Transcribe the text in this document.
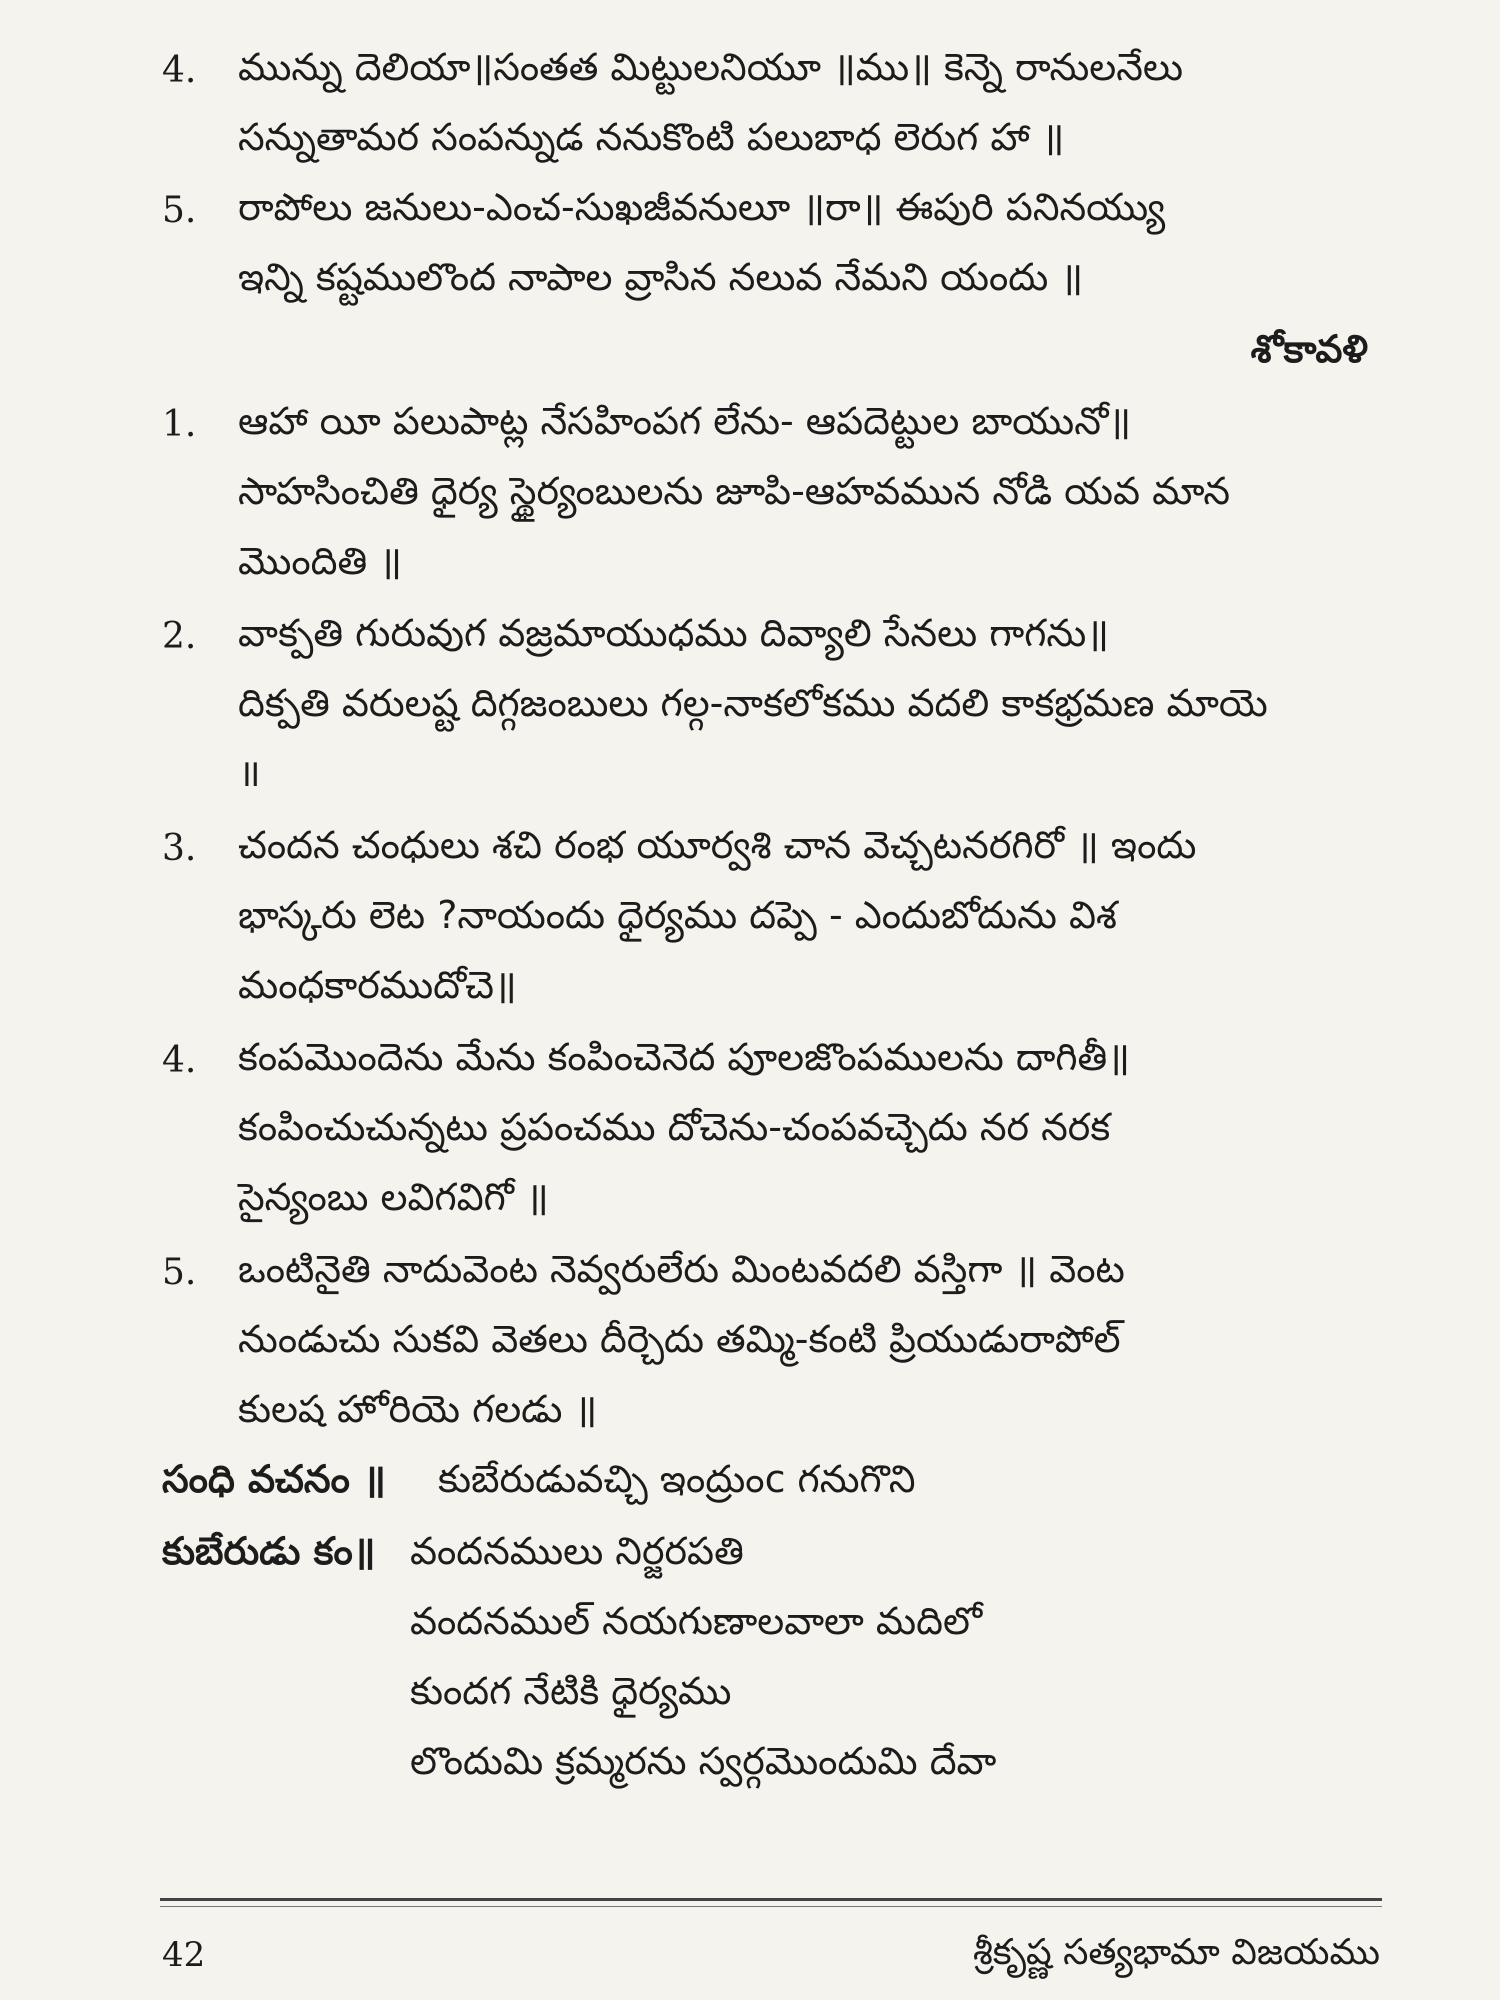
4. మున్ను దెలియా॥సంతత మిట్టులనియూ ॥ము॥ కెన్నె రానులనేలు
సన్నుతామర సంపన్నుడ ననుకొంటి పలుబాధ లెరుగ హా ॥
5. రాపోలు జనులు-ఎంచ-సుఖజీవనులూ ॥రా॥ ఈపురి పనినయ్యు
ఇన్ని కష్టములొంద నాపాల వ్రాసిన నలువ నేమని యందు ॥
శోకావళి
1. ఆహా యీ పలుపాట్ల నేసహింపగ లేను- ఆపదెట్టుల బాయునో॥
సాహసించితి ధైర్య స్థైర్యంబులను జూపి-ఆహవమున నోడి యవ మాన
మొందితి ॥
2. వాక్పతి గురువుగ వజ్రమాయుధము దివ్యాలి సేనలు గాగను॥
దిక్పతి వరులష్ట దిగ్గజంబులు గల్గ-నాకలోకము వదలి కాకభ్రమణ మాయె
॥
3. చందన చంధులు శచి రంభ యూర్వశి చాన వెచ్చటనరగిరో ॥ ఇందు
భాస్కరు లెట ?నాయందు ధైర్యము దప్పె - ఎందుబోదును విశ
మంధకారముదోచె॥
4. కంపమొందెను మేను కంపించెనెద పూలజొంపములను దాగితీ॥
కంపించుచున్నటు ప్రపంచము దోచెను-చంపవచ్చెదు నర నరక
సైన్యంబు లవిగవిగో ॥
5. ఒంటినైతి నాదువెంట నెవ్వరులేరు మింటవదలి వస్తిగా ॥ వెంట
నుండుచు సుకవి వెతలు దీర్చెదు తమ్మి-కంటి ప్రియుడురాపోల్
కులష హోరియె గలడు ॥
సంధి వచనం ॥ కుబేరుడువచ్చి ఇంద్రుంc గనుగొని
కుబేరుడు కం॥ వందనములు నిర్జరపతి
వందనముల్ నయగుణాలవాలా మదిలో
కుందగ నేటికి ధైర్యము
లొందుమి క్రమ్మరను స్వర్గమొందుమి దేవా
42	శ్రీకృష్ణ సత్యభామా విజయము
